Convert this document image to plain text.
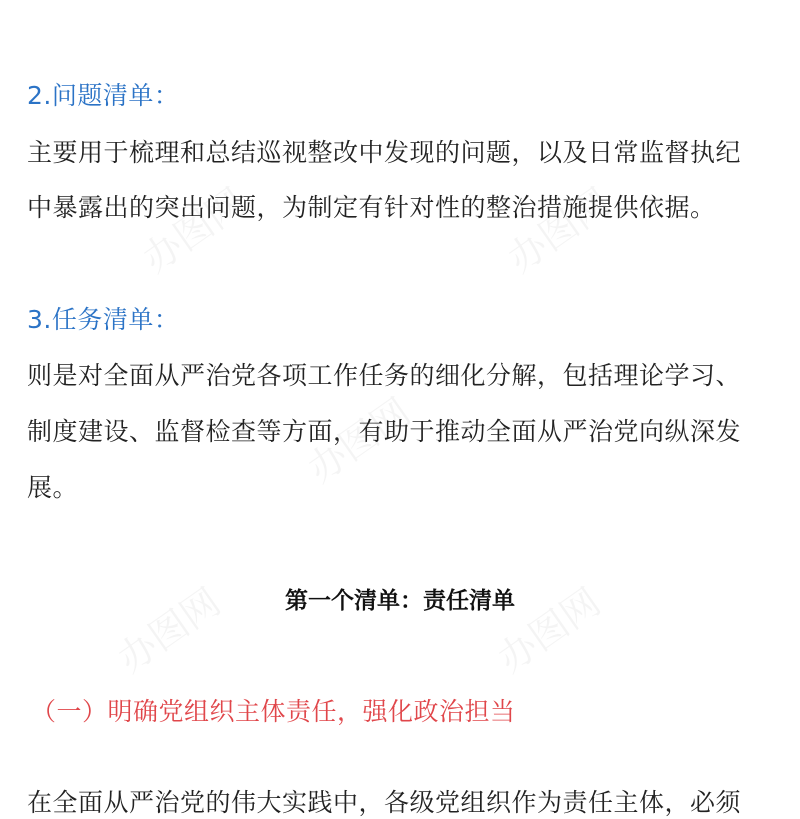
2.问题清单：
主要用于梳理和总结巡视整改中发现的问题，以及日常监督执纪
中暴露出的突出问题，为制定有针对性的整治措施提供依据。
3.任务清单：
则是对全面从严治党各项工作任务的细化分解，包括理论学习、
制度建设、监督检查等方面，有助于推动全面从严治党向纵深发
展。
第一个清单：责任清单
（一）明确党组织主体责任，强化政治担当
在全面从严治党的伟大实践中，各级党组织作为责任主体，必须
